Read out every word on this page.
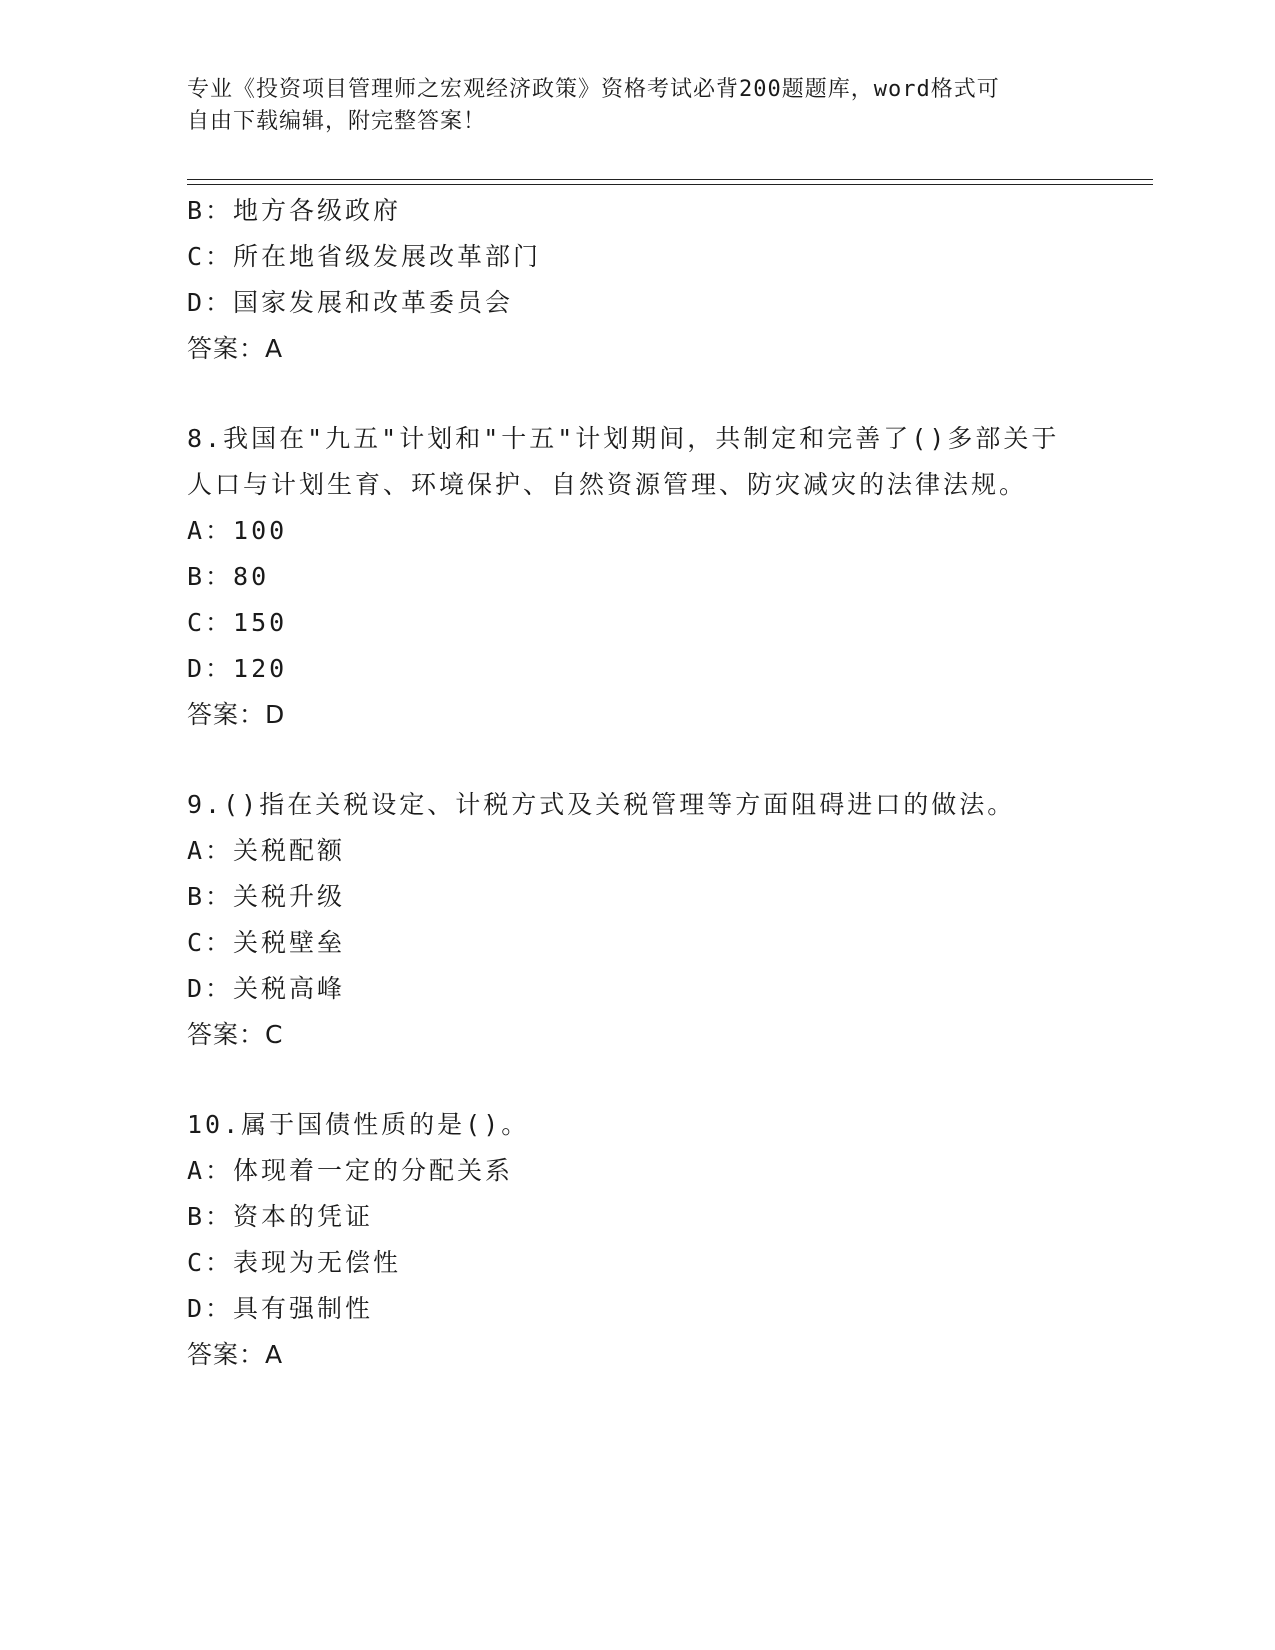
专业《投资项目管理师之宏观经济政策》资格考试必背200题题库，word格式可
自由下载编辑，附完整答案！
B：地方各级政府
C：所在地省级发展改革部门
D：国家发展和改革委员会
答案：A
8.我国在"九五"计划和"十五"计划期间，共制定和完善了()多部关于
人口与计划生育、环境保护、自然资源管理、防灾减灾的法律法规。
A：100
B：80
C：150
D：120
答案：D
9.()指在关税设定、计税方式及关税管理等方面阻碍进口的做法。
A：关税配额
B：关税升级
C：关税壁垒
D：关税高峰
答案：C
10.属于国债性质的是()。
A：体现着一定的分配关系
B：资本的凭证
C：表现为无偿性
D：具有强制性
答案：A
